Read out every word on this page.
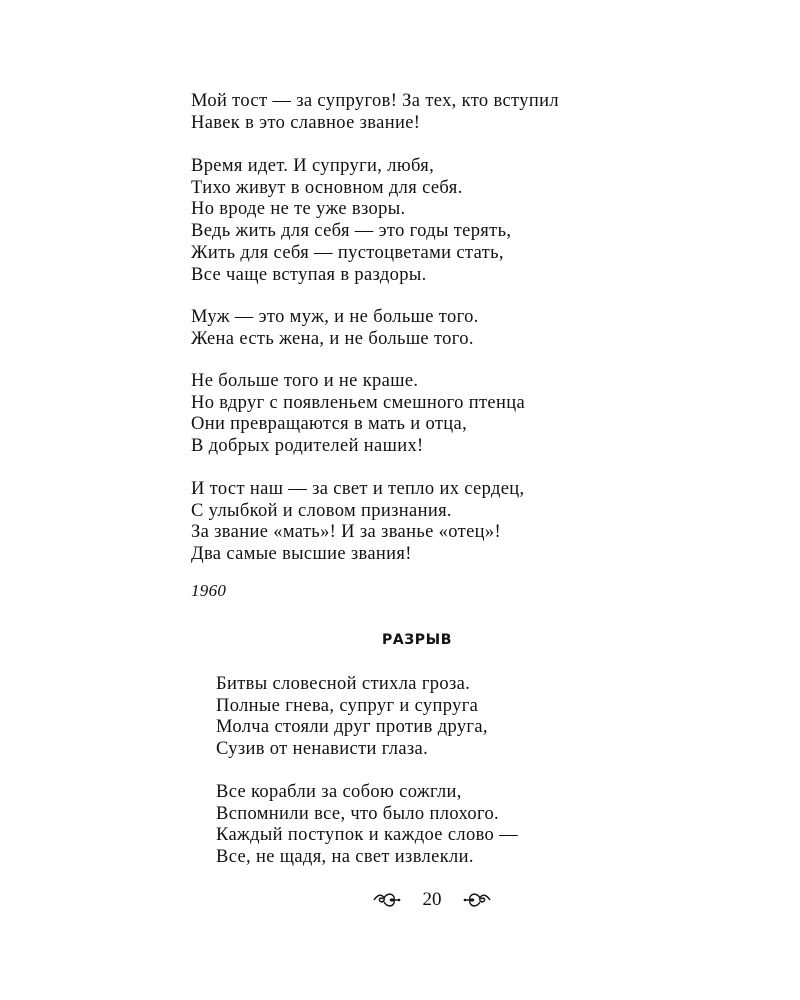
Мой тост — за супругов! За тех, кто вступил
Навек в это славное звание!
Время идет. И супруги, любя,
Тихо живут в основном для себя.
Но вроде не те уже взоры.
Ведь жить для себя — это годы терять,
Жить для себя — пустоцветами стать,
Все чаще вступая в раздоры.
Муж — это муж, и не больше того.
Жена есть жена, и не больше того.
Не больше того и не краше.
Но вдруг с появленьем смешного птенца
Они превращаются в мать и отца,
В добрых родителей наших!
И тост наш — за свет и тепло их сердец,
С улыбкой и словом признания.
За звание «мать»! И за званье «отец»!
Два самые высшие звания!
1960
РАЗРЫВ
Битвы словесной стихла гроза.
Полные гнева, супруг и супруга
Молча стояли друг против друга,
Сузив от ненависти глаза.
Все корабли за собою сожгли,
Вспомнили все, что было плохого.
Каждый поступок и каждое слово —
Все, не щадя, на свет извлекли.
20
